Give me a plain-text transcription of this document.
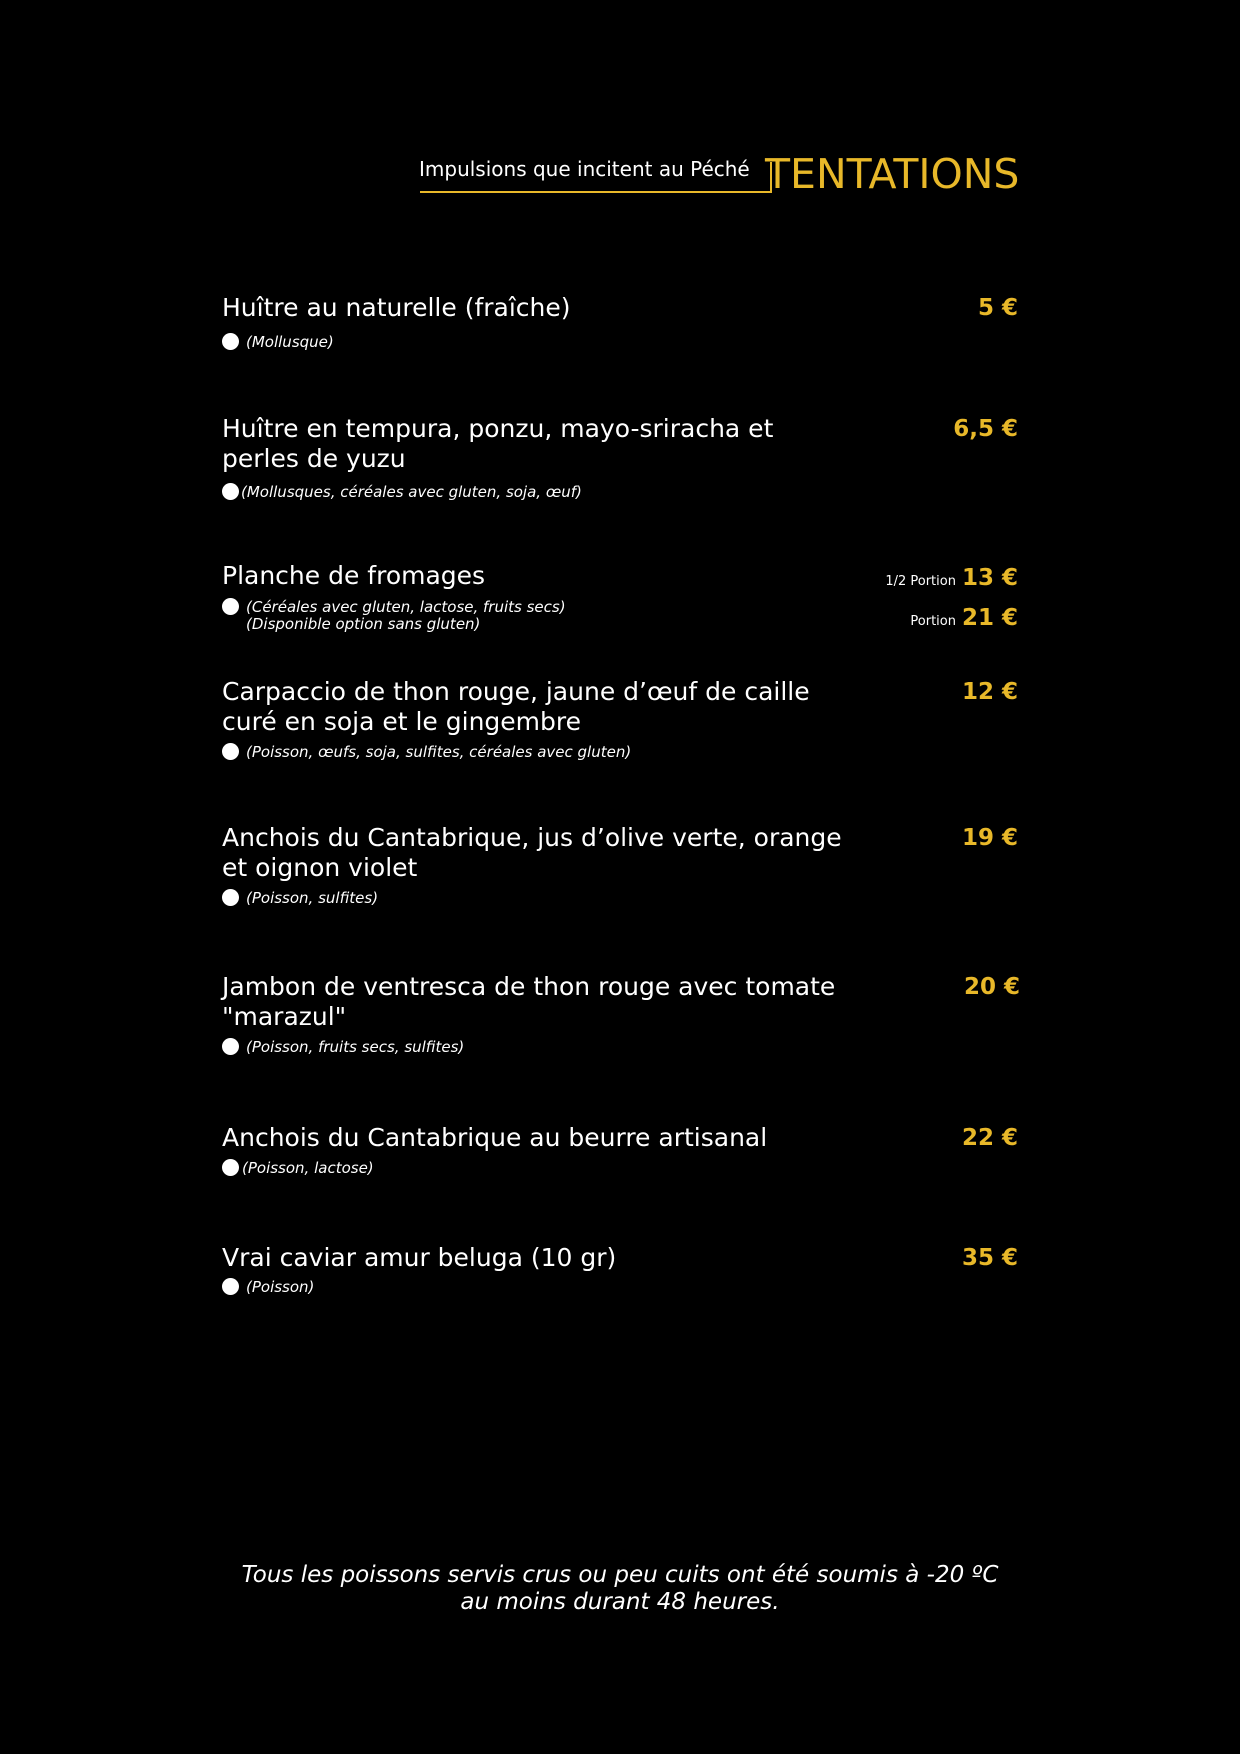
Impulsions que incitent au Péché TENTATIONS
Huître au naturelle (fraîche)
(Mollusque)
5 €
Huître en tempura, ponzu, mayo-sriracha et perles de yuzu
(Mollusques, céréales avec gluten, soja, œuf)
6,5 €
Planche de fromages
(Céréales avec gluten, lactose, fruits secs)
(Disponible option sans gluten)
1/2 Portion 13 €
Portion 21 €
Carpaccio de thon rouge, jaune d’œuf de caille curé en soja et le gingembre
(Poisson, œufs, soja, sulfites, céréales avec gluten)
12 €
Anchois du Cantabrique, jus d’olive verte, orange et oignon violet
(Poisson, sulfites)
19 €
Jambon de ventresca de thon rouge avec tomate "marazul"
(Poisson, fruits secs, sulfites)
20 €
Anchois du Cantabrique au beurre artisanal
(Poisson, lactose)
22 €
Vrai caviar amur beluga (10 gr)
(Poisson)
35 €
Tous les poissons servis crus ou peu cuits ont été soumis à -20 ºC
au moins durant 48 heures.
